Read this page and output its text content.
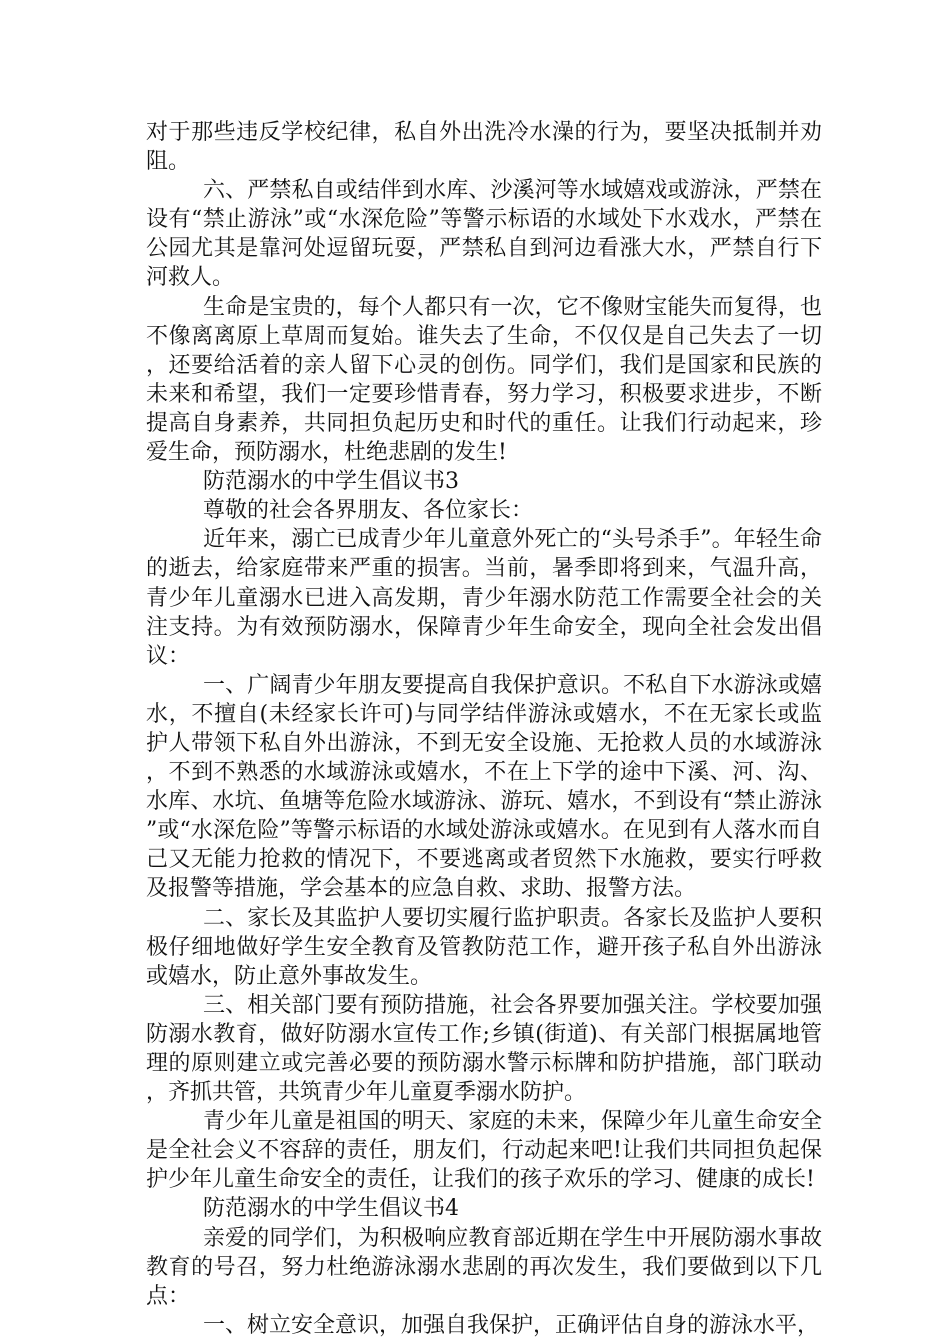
对于那些违反学校纪律，私自外出洗冷水澡的行为，要坚决抵制并劝阻。

六、严禁私自或结伴到水库、沙溪河等水域嬉戏或游泳，严禁在设有“禁止游泳”或“水深危险”等警示标语的水域处下水戏水，严禁在公园尤其是靠河处逗留玩耍，严禁私自到河边看涨大水，严禁自行下河救人。

生命是宝贵的，每个人都只有一次，它不像财宝能失而复得，也不像离离原上草周而复始。谁失去了生命，不仅仅是自己失去了一切，还要给活着的亲人留下心灵的创伤。同学们，我们是国家和民族的未来和希望，我们一定要珍惜青春，努力学习，积极要求进步，不断提高自身素养，共同担负起历史和时代的重任。让我们行动起来，珍爱生命，预防溺水，杜绝悲剧的发生!

防范溺水的中学生倡议书3

尊敬的社会各界朋友、各位家长：

近年来，溺亡已成青少年儿童意外死亡的“头号杀手”。年轻生命的逝去，给家庭带来严重的损害。当前，暑季即将到来，气温升高，青少年儿童溺水已进入高发期，青少年溺水防范工作需要全社会的关注支持。为有效预防溺水，保障青少年生命安全，现向全社会发出倡议：

一、广阔青少年朋友要提高自我保护意识。不私自下水游泳或嬉水，不擅自(未经家长许可)与同学结伴游泳或嬉水，不在无家长或监护人带领下私自外出游泳，不到无安全设施、无抢救人员的水域游泳，不到不熟悉的水域游泳或嬉水，不在上下学的途中下溪、河、沟、水库、水坑、鱼塘等危险水域游泳、游玩、嬉水，不到设有“禁止游泳”或“水深危险”等警示标语的水域处游泳或嬉水。在见到有人落水而自己又无能力抢救的情况下，不要逃离或者贸然下水施救，要实行呼救及报警等措施，学会基本的应急自救、求助、报警方法。

二、家长及其监护人要切实履行监护职责。各家长及监护人要积极仔细地做好学生安全教育及管教防范工作，避开孩子私自外出游泳或嬉水，防止意外事故发生。

三、相关部门要有预防措施，社会各界要加强关注。学校要加强防溺水教育，做好防溺水宣传工作;乡镇(街道)、有关部门根据属地管理的原则建立或完善必要的预防溺水警示标牌和防护措施，部门联动，齐抓共管，共筑青少年儿童夏季溺水防护。

青少年儿童是祖国的明天、家庭的未来，保障少年儿童生命安全是全社会义不容辞的责任，朋友们，行动起来吧!让我们共同担负起保护少年儿童生命安全的责任，让我们的孩子欢乐的学习、健康的成长!

防范溺水的中学生倡议书4

亲爱的同学们，为积极响应教育部近期在学生中开展防溺水事故教育的号召，努力杜绝游泳溺水悲剧的再次发生，我们要做到以下几点：

一、树立安全意识，加强自我保护，正确评估自身的游泳水平，
